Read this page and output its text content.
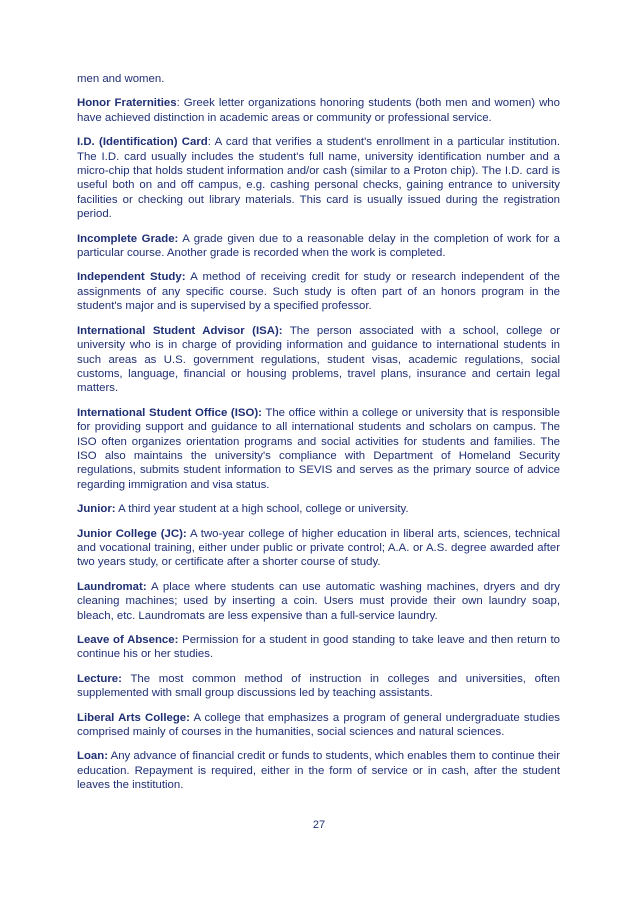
men and women.

Honor Fraternities: Greek letter organizations honoring students (both men and women) who have achieved distinction in academic areas or community or professional service.

I.D. (Identification) Card: A card that verifies a student's enrollment in a particular institution. The I.D. card usually includes the student's full name, university identification number and a micro-chip that holds student information and/or cash (similar to a Proton chip). The I.D. card is useful both on and off campus, e.g. cashing personal checks, gaining entrance to university facilities or checking out library materials. This card is usually issued during the registration period.

Incomplete Grade: A grade given due to a reasonable delay in the completion of work for a particular course. Another grade is recorded when the work is completed.

Independent Study: A method of receiving credit for study or research independent of the assignments of any specific course. Such study is often part of an honors program in the student's major and is supervised by a specified professor.

International Student Advisor (ISA): The person associated with a school, college or university who is in charge of providing information and guidance to international students in such areas as U.S. government regulations, student visas, academic regulations, social customs, language, financial or housing problems, travel plans, insurance and certain legal matters.

International Student Office (ISO): The office within a college or university that is responsible for providing support and guidance to all international students and scholars on campus. The ISO often organizes orientation programs and social activities for students and families. The ISO also maintains the university's compliance with Department of Homeland Security regulations, submits student information to SEVIS and serves as the primary source of advice regarding immigration and visa status.

Junior: A third year student at a high school, college or university.

Junior College (JC): A two-year college of higher education in liberal arts, sciences, technical and vocational training, either under public or private control; A.A. or A.S. degree awarded after two years study, or certificate after a shorter course of study.

Laundromat: A place where students can use automatic washing machines, dryers and dry cleaning machines; used by inserting a coin. Users must provide their own laundry soap, bleach, etc. Laundromats are less expensive than a full-service laundry.

Leave of Absence: Permission for a student in good standing to take leave and then return to continue his or her studies.

Lecture: The most common method of instruction in colleges and universities, often supplemented with small group discussions led by teaching assistants.

Liberal Arts College: A college that emphasizes a program of general undergraduate studies comprised mainly of courses in the humanities, social sciences and natural sciences.

Loan: Any advance of financial credit or funds to students, which enables them to continue their education. Repayment is required, either in the form of service or in cash, after the student leaves the institution.

27
